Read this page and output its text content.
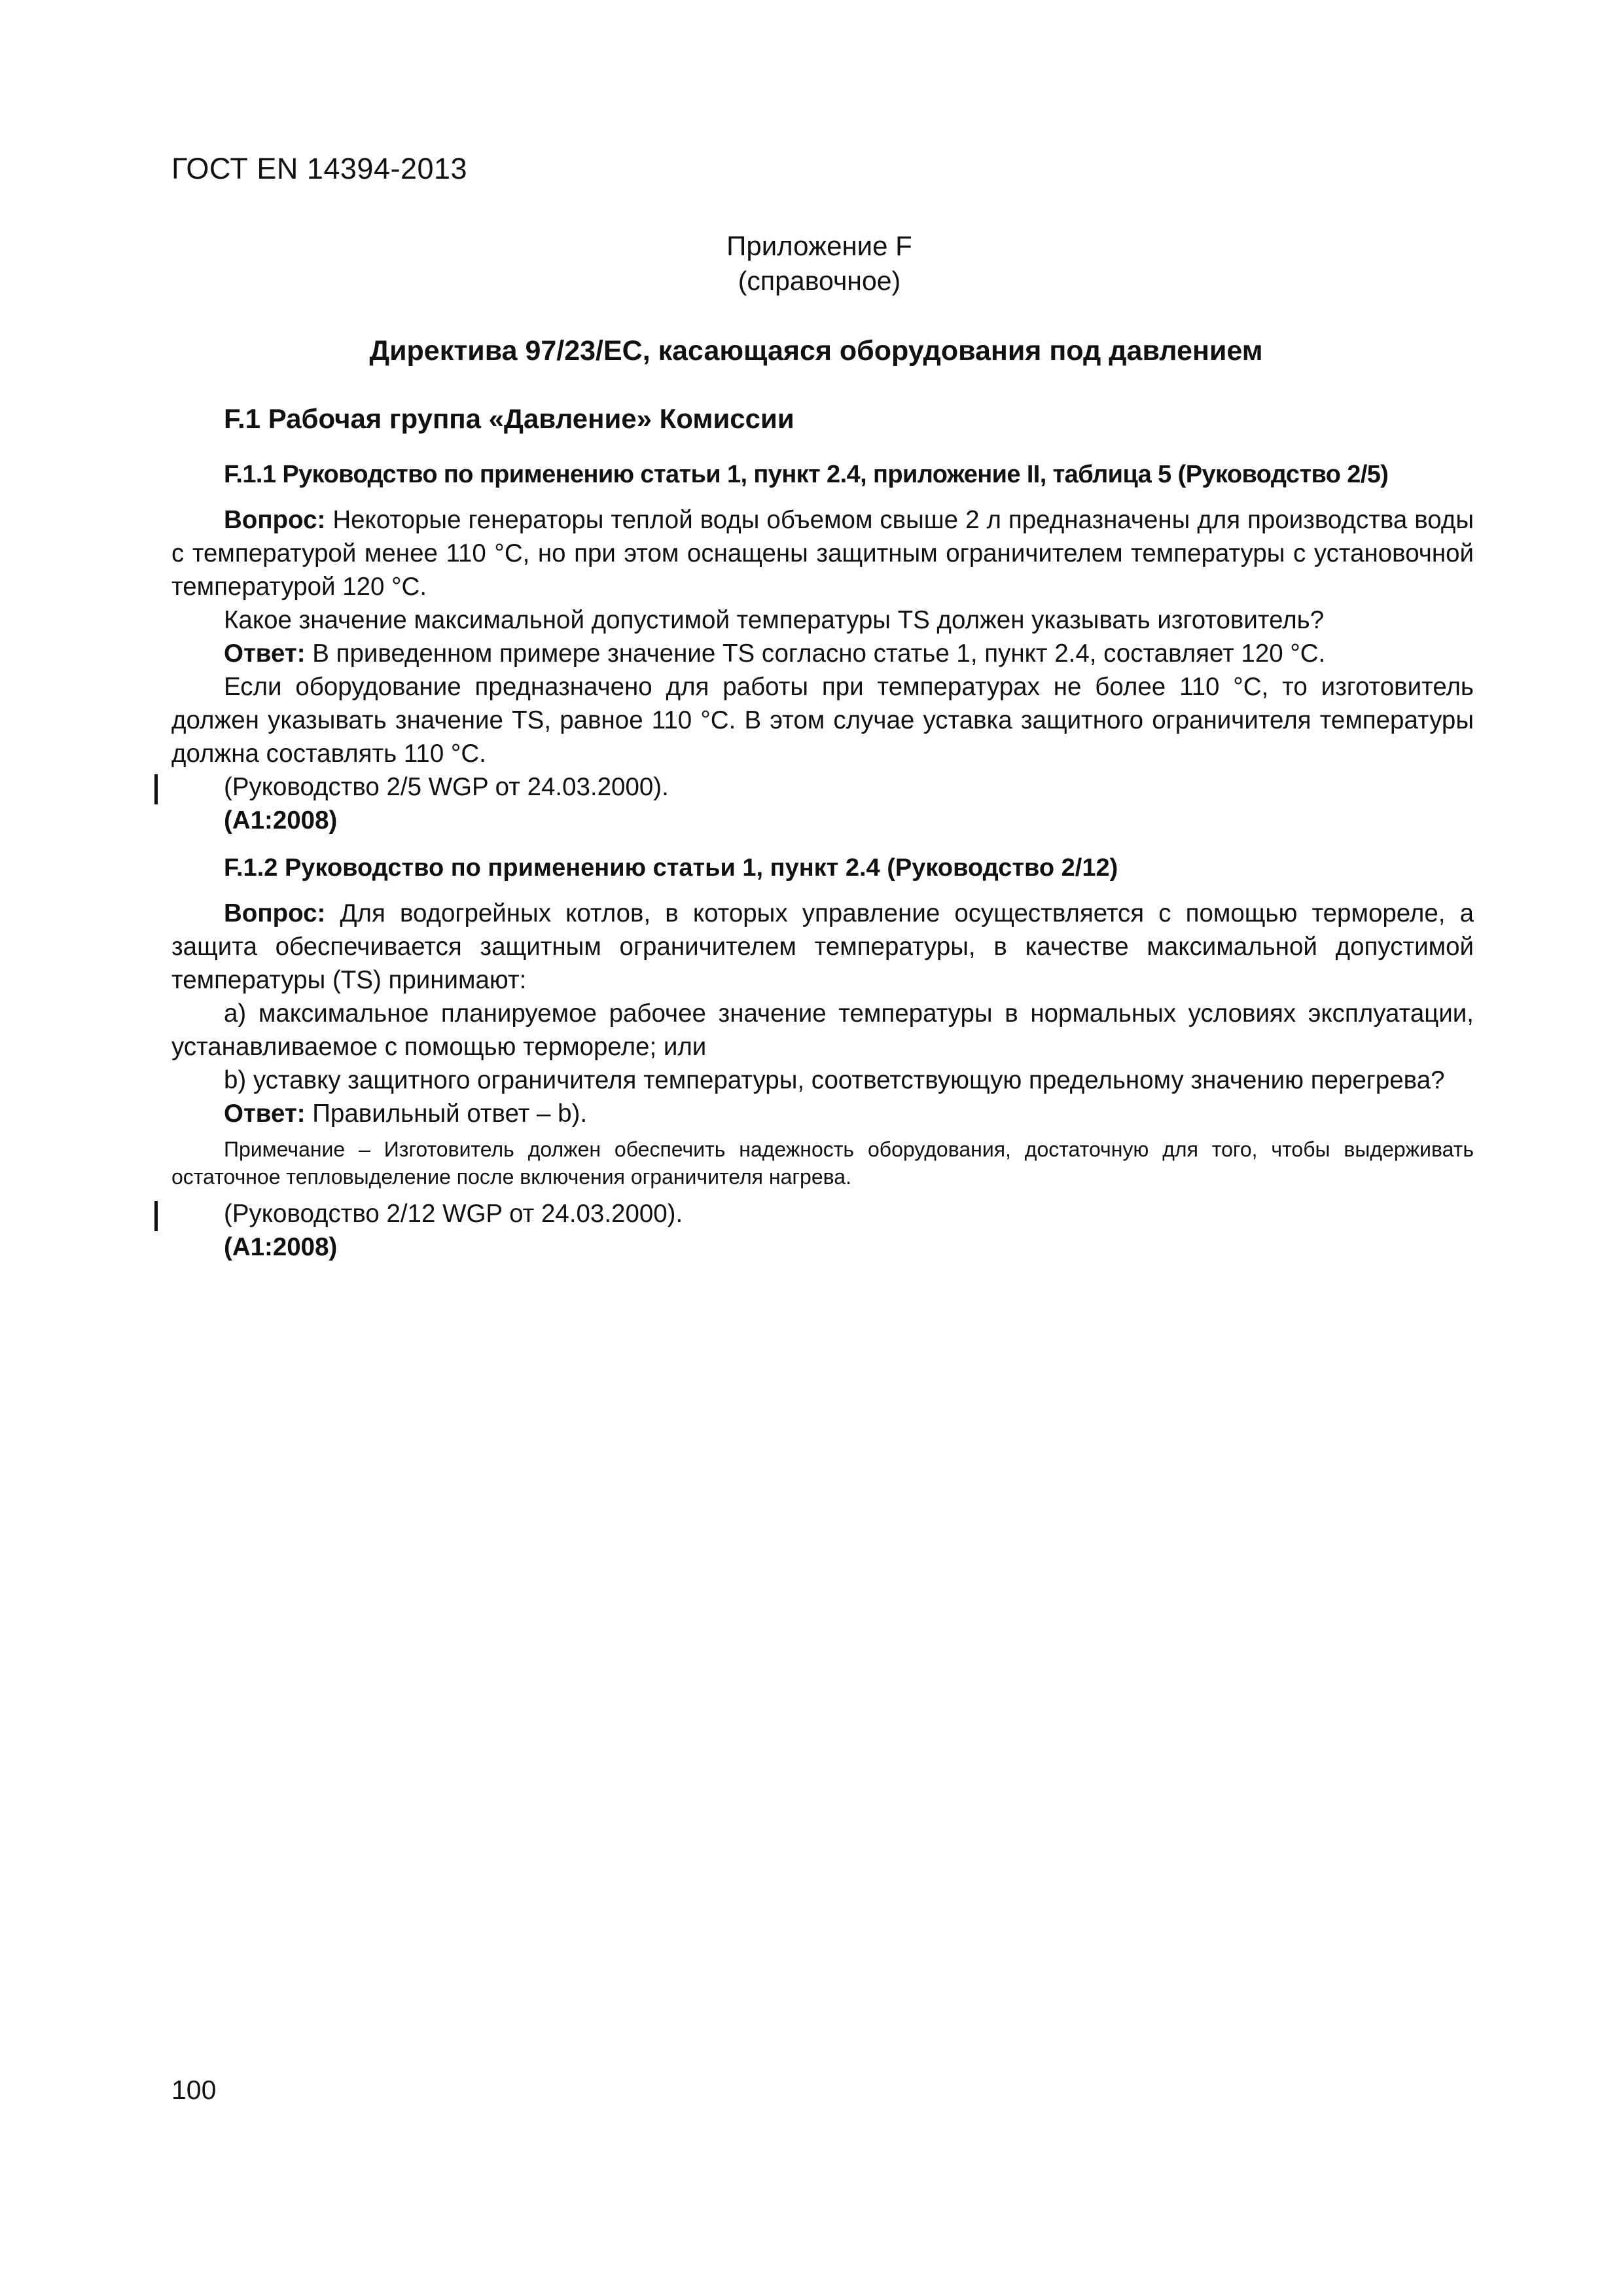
ГОСТ EN 14394-2013
Приложение F
(справочное)
Директива 97/23/ЕС, касающаяся оборудования под давлением
F.1 Рабочая группа «Давление» Комиссии
F.1.1 Руководство по применению статьи 1, пункт 2.4, приложение II, таблица 5 (Руководство 2/5)

Вопрос: Некоторые генераторы теплой воды объемом свыше 2 л предназначены для производства воды с температурой менее 110 °С, но при этом оснащены защитным ограничителем температуры с установочной температурой 120 °С.

Какое значение максимальной допустимой температуры TS должен указывать изготовитель?

Ответ: В приведенном примере значение TS согласно статье 1, пункт 2.4, составляет 120 °С.

Если оборудование предназначено для работы при температурах не более 110 °С, то изготовитель должен указывать значение TS, равное 110 °С. В этом случае уставка защитного ограничителя температуры должна составлять 110 °С.

(Руководство 2/5 WGP от 24.03.2000).
(А1:2008)
F.1.2 Руководство по применению статьи 1, пункт 2.4 (Руководство 2/12)

Вопрос: Для водогрейных котлов, в которых управление осуществляется с помощью термореле, а защита обеспечивается защитным ограничителем температуры, в качестве максимальной допустимой температуры (TS) принимают:

а) максимальное планируемое рабочее значение температуры в нормальных условиях эксплуатации, устанавливаемое с помощью термореле; или

b) уставку защитного ограничителя температуры, соответствующую предельному значению перегрева?

Ответ: Правильный ответ – b).

Примечание – Изготовитель должен обеспечить надежность оборудования, достаточную для того, чтобы выдерживать остаточное тепловыделение после включения ограничителя нагрева.

(Руководство 2/12 WGP от 24.03.2000).
(А1:2008)
100
